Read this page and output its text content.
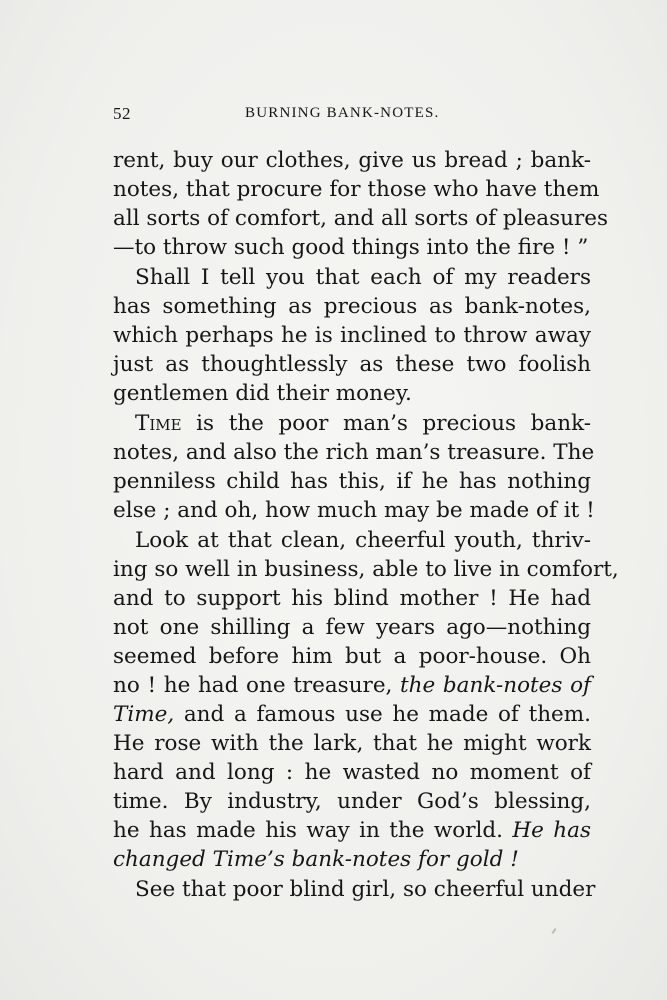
52	BURNING BANK-NOTES.
rent, buy our clothes, give us bread ; bank-
notes, that procure for those who have them
all sorts of comfort, and all sorts of pleasures
—to throw such good things into the fire ! ”
Shall I tell you that each of my readers
has something as precious as bank-notes,
which perhaps he is inclined to throw away
just as thoughtlessly as these two foolish
gentlemen did their money.
Time is the poor man’s precious bank-
notes, and also the rich man’s treasure. The
penniless child has this, if he has nothing
else ; and oh, how much may be made of it !
Look at that clean, cheerful youth, thriv-
ing so well in business, able to live in comfort,
and to support his blind mother ! He had
not one shilling a few years ago—nothing
seemed before him but a poor-house. Oh
no ! he had one treasure, the bank-notes of
Time, and a famous use he made of them.
He rose with the lark, that he might work
hard and long : he wasted no moment of
time. By industry, under God’s blessing,
he has made his way in the world. He has
changed Time’s bank-notes for gold !
See that poor blind girl, so cheerful under
